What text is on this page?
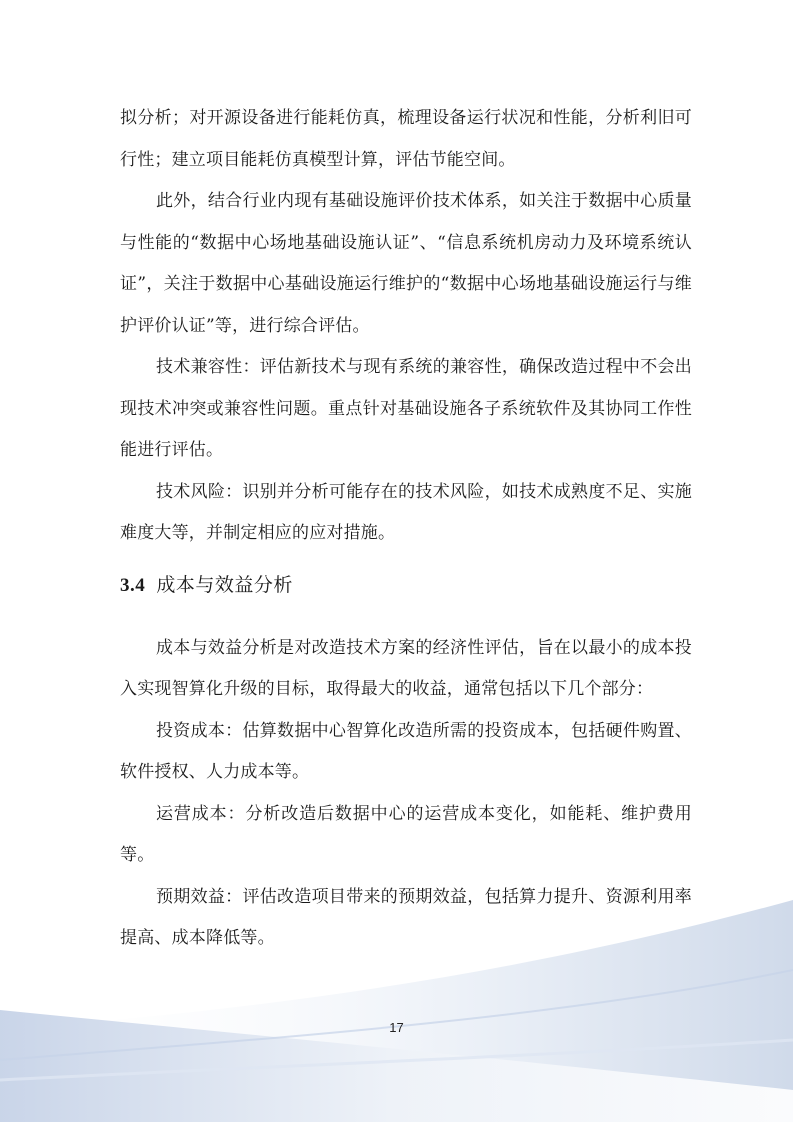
拟分析；对开源设备进行能耗仿真，梳理设备运行状况和性能，分析利旧可行性；建立项目能耗仿真模型计算，评估节能空间。

此外，结合行业内现有基础设施评价技术体系，如关注于数据中心质量与性能的“数据中心场地基础设施认证”、“信息系统机房动力及环境系统认证”，关注于数据中心基础设施运行维护的“数据中心场地基础设施运行与维护评价认证”等，进行综合评估。

技术兼容性：评估新技术与现有系统的兼容性，确保改造过程中不会出现技术冲突或兼容性问题。重点针对基础设施各子系统软件及其协同工作性能进行评估。

技术风险：识别并分析可能存在的技术风险，如技术成熟度不足、实施难度大等，并制定相应的应对措施。

3.4 成本与效益分析

成本与效益分析是对改造技术方案的经济性评估，旨在以最小的成本投入实现智算化升级的目标，取得最大的收益，通常包括以下几个部分：

投资成本：估算数据中心智算化改造所需的投资成本，包括硬件购置、软件授权、人力成本等。

运营成本：分析改造后数据中心的运营成本变化，如能耗、维护费用等。

预期效益：评估改造项目带来的预期效益，包括算力提升、资源利用率提高、成本降低等。

17
